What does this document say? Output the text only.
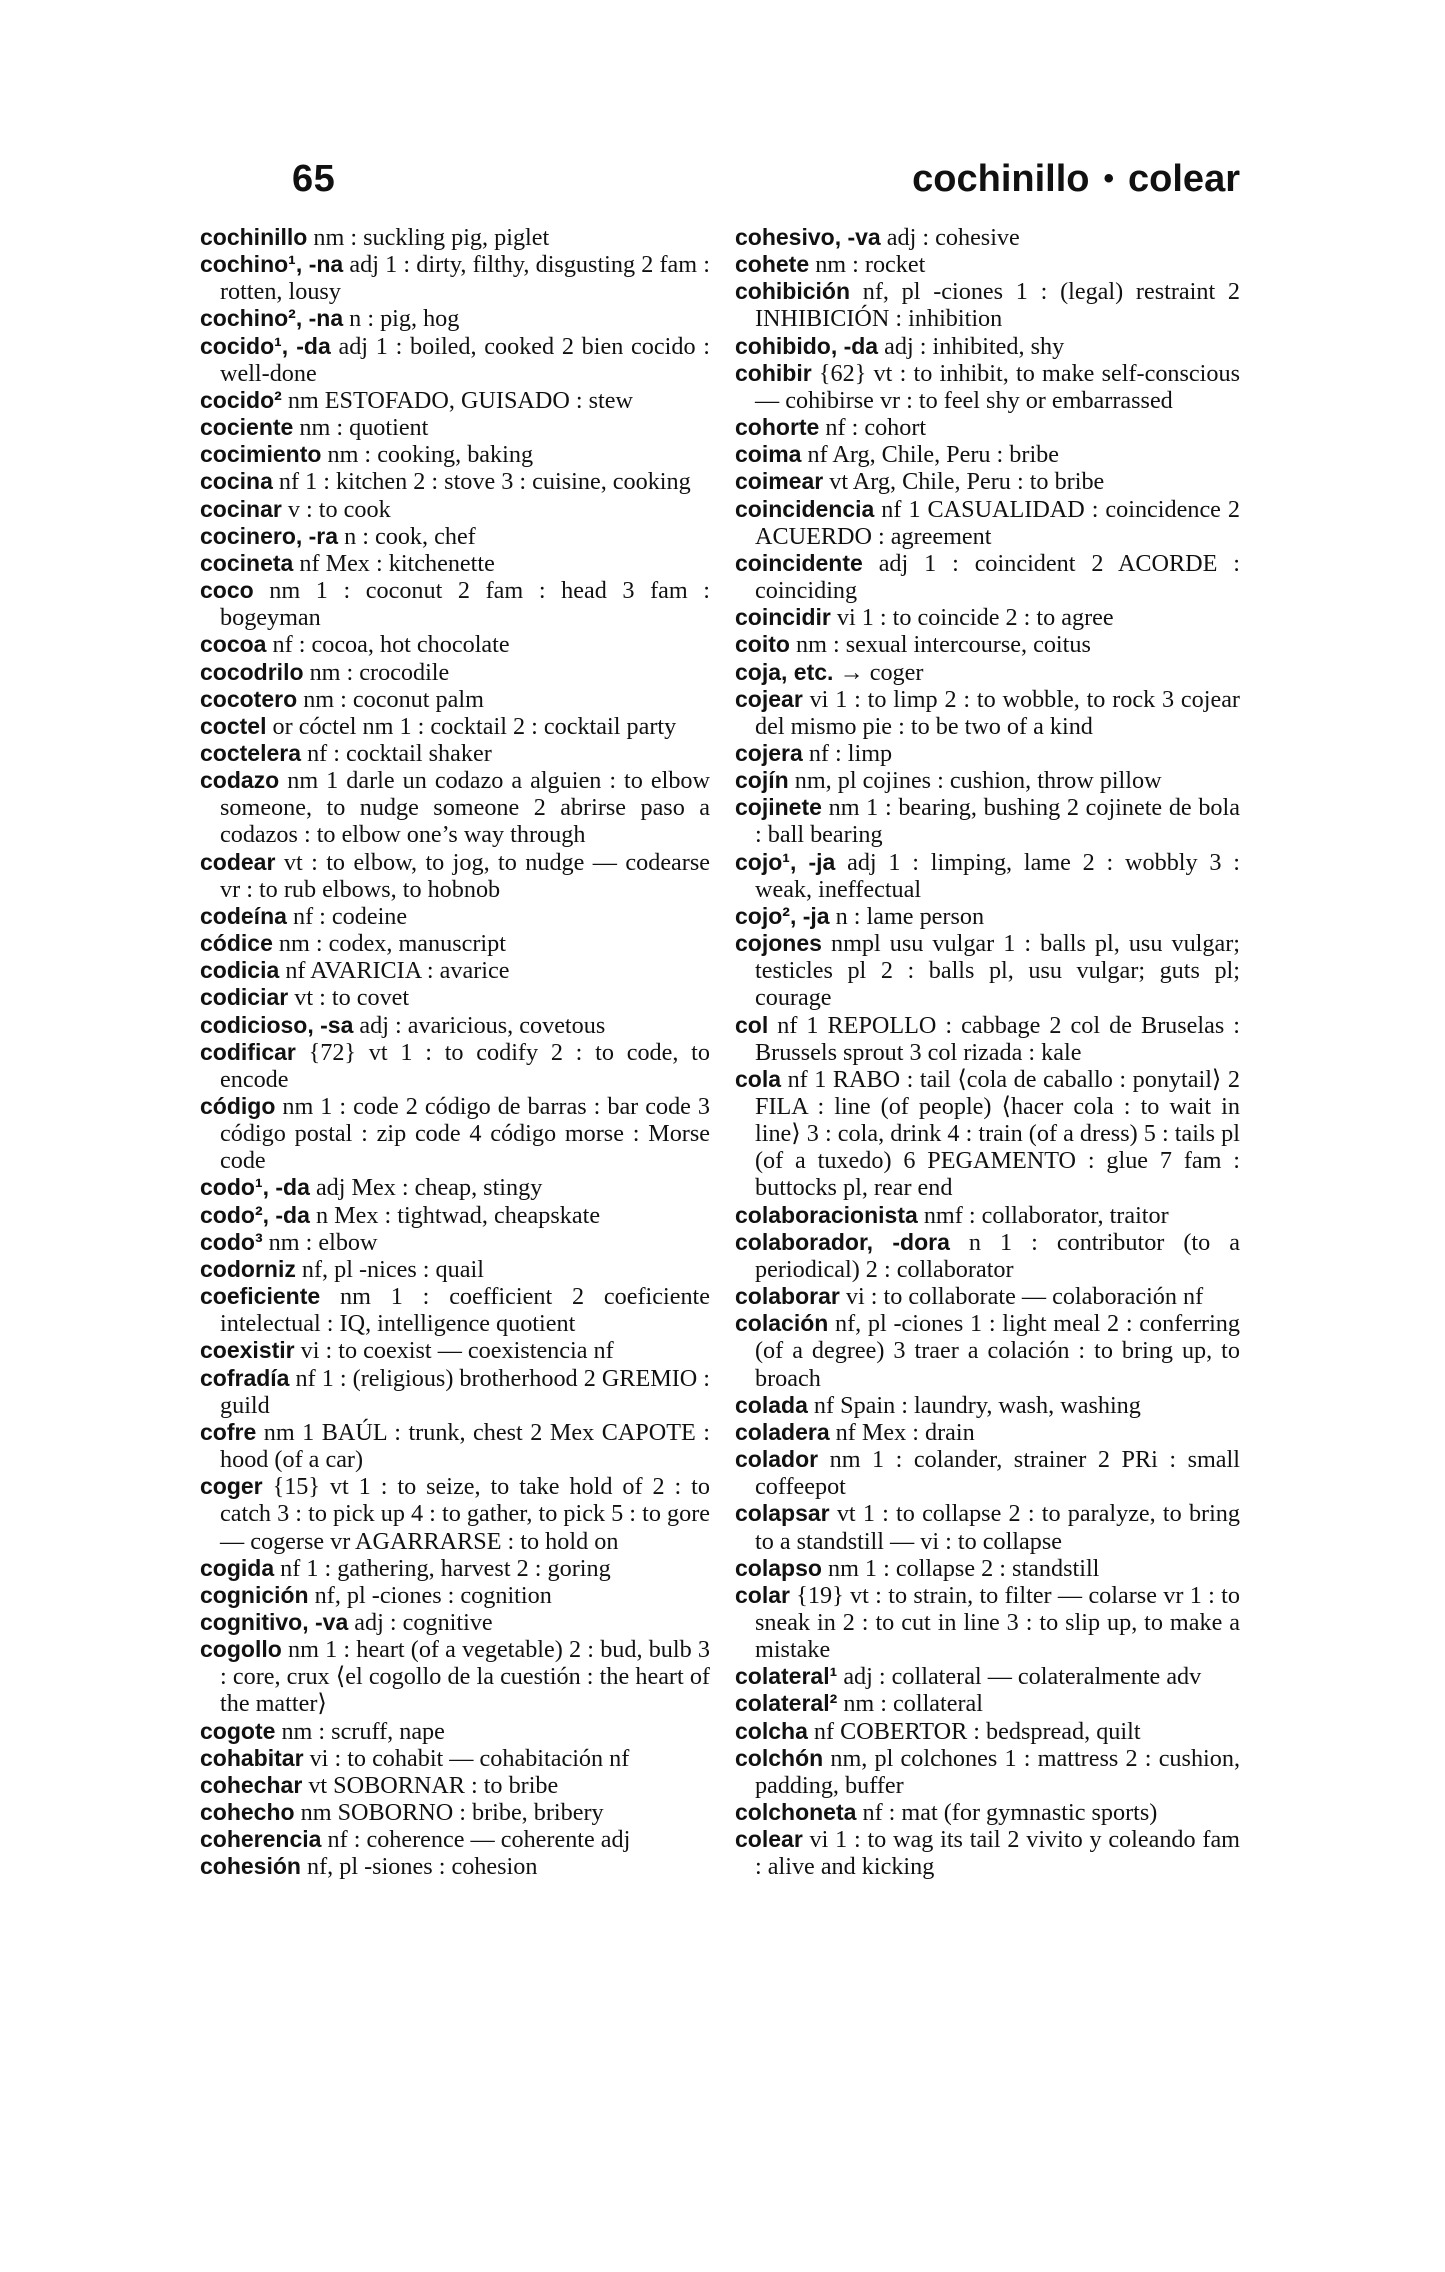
65	cochinillo • colear

cochinillo nm : suckling pig, piglet

cochino¹, -na adj 1 : dirty, filthy, disgusting 2 fam : rotten, lousy

cochino², -na n : pig, hog

cocido¹, -da adj 1 : boiled, cooked 2 bien cocido : well-done

cocido² nm ESTOFADO, GUISADO : stew

cociente nm : quotient

cocimiento nm : cooking, baking

cocina nf 1 : kitchen 2 : stove 3 : cuisine, cooking

cocinar v : to cook

cocinero, -ra n : cook, chef

cocineta nf Mex : kitchenette

coco nm 1 : coconut 2 fam : head 3 fam : bogeyman

cocoa nf : cocoa, hot chocolate

cocodrilo nm : crocodile

cocotero nm : coconut palm

coctel or cóctel nm 1 : cocktail 2 : cocktail party

coctelera nf : cocktail shaker

codazo nm 1 darle un codazo a alguien : to elbow someone, to nudge someone 2 abrirse paso a codazos : to elbow one’s way through

codear vt : to elbow, to jog, to nudge — codearse vr : to rub elbows, to hobnob

codeína nf : codeine

códice nm : codex, manuscript

codicia nf AVARICIA : avarice

codiciar vt : to covet

codicioso, -sa adj : avaricious, covetous

codificar {72} vt 1 : to codify 2 : to code, to encode

código nm 1 : code 2 código de barras : bar code 3 código postal : zip code 4 código morse : Morse code

codo¹, -da adj Mex : cheap, stingy

codo², -da n Mex : tightwad, cheapskate

codo³ nm : elbow

codorniz nf, pl -nices : quail

coeficiente nm 1 : coefficient 2 coeficiente intelectual : IQ, intelligence quotient

coexistir vi : to coexist — coexistencia nf

cofradía nf 1 : (religious) brotherhood 2 GREMIO : guild

cofre nm 1 BAÚL : trunk, chest 2 Mex CAPOTE : hood (of a car)

coger {15} vt 1 : to seize, to take hold of 2 : to catch 3 : to pick up 4 : to gather, to pick 5 : to gore — cogerse vr AGARRARSE : to hold on

cogida nf 1 : gathering, harvest 2 : goring

cognición nf, pl -ciones : cognition

cognitivo, -va adj : cognitive

cogollo nm 1 : heart (of a vegetable) 2 : bud, bulb 3 : core, crux ⟨el cogollo de la cuestión : the heart of the matter⟩

cogote nm : scruff, nape

cohabitar vi : to cohabit — cohabitación nf

cohechar vt SOBORNAR : to bribe

cohecho nm SOBORNO : bribe, bribery

coherencia nf : coherence — coherente adj

cohesión nf, pl -siones : cohesion

cohesivo, -va adj : cohesive

cohete nm : rocket

cohibición nf, pl -ciones 1 : (legal) restraint 2 INHIBICIÓN : inhibition

cohibido, -da adj : inhibited, shy

cohibir {62} vt : to inhibit, to make self-conscious — cohibirse vr : to feel shy or embarrassed

cohorte nf : cohort

coima nf Arg, Chile, Peru : bribe

coimear vt Arg, Chile, Peru : to bribe

coincidencia nf 1 CASUALIDAD : coincidence 2 ACUERDO : agreement

coincidente adj 1 : coincident 2 ACORDE : coinciding

coincidir vi 1 : to coincide 2 : to agree

coito nm : sexual intercourse, coitus

coja, etc. → coger

cojear vi 1 : to limp 2 : to wobble, to rock 3 cojear del mismo pie : to be two of a kind

cojera nf : limp

cojín nm, pl cojines : cushion, throw pillow

cojinete nm 1 : bearing, bushing 2 cojinete de bola : ball bearing

cojo¹, -ja adj 1 : limping, lame 2 : wobbly 3 : weak, ineffectual

cojo², -ja n : lame person

cojones nmpl usu vulgar 1 : balls pl, usu vulgar; testicles pl 2 : balls pl, usu vulgar; guts pl; courage

col nf 1 REPOLLO : cabbage 2 col de Bruselas : Brussels sprout 3 col rizada : kale

cola nf 1 RABO : tail ⟨cola de caballo : ponytail⟩ 2 FILA : line (of people) ⟨hacer cola : to wait in line⟩ 3 : cola, drink 4 : train (of a dress) 5 : tails pl (of a tuxedo) 6 PEGAMENTO : glue 7 fam : buttocks pl, rear end

colaboracionista nmf : collaborator, traitor

colaborador, -dora n 1 : contributor (to a periodical) 2 : collaborator

colaborar vi : to collaborate — colaboración nf

colación nf, pl -ciones 1 : light meal 2 : conferring (of a degree) 3 traer a colación : to bring up, to broach

colada nf Spain : laundry, wash, washing

coladera nf Mex : drain

colador nm 1 : colander, strainer 2 PRi : small coffeepot

colapsar vt 1 : to collapse 2 : to paralyze, to bring to a standstill — vi : to collapse

colapso nm 1 : collapse 2 : standstill

colar {19} vt : to strain, to filter — colarse vr 1 : to sneak in 2 : to cut in line 3 : to slip up, to make a mistake

colateral¹ adj : collateral — colateralmente adv

colateral² nm : collateral

colcha nf COBERTOR : bedspread, quilt

colchón nm, pl colchones 1 : mattress 2 : cushion, padding, buffer

colchoneta nf : mat (for gymnastic sports)

colear vi 1 : to wag its tail 2 vivito y coleando fam : alive and kicking
